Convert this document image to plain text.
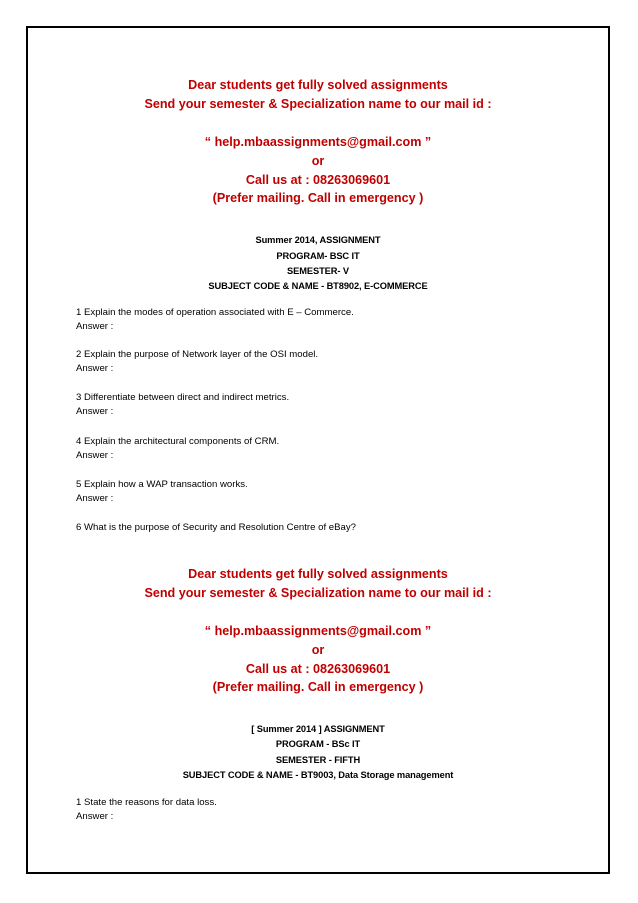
Dear students get fully solved assignments
Send your semester & Specialization name to our mail id :
“ help.mbaassignments@gmail.com ”
or
Call us at : 08263069601
(Prefer mailing. Call in emergency )
Summer 2014, ASSIGNMENT
PROGRAM- BSC IT
SEMESTER- V
SUBJECT CODE & NAME - BT8902, E-COMMERCE
1 Explain the modes of operation associated with E – Commerce.
Answer :
2 Explain the purpose of Network layer of the OSI model.
Answer :
3 Differentiate between direct and indirect metrics.
Answer :
4 Explain the architectural components of CRM.
Answer :
5 Explain how a WAP transaction works.
Answer :
6 What is the purpose of Security and Resolution Centre of eBay?
Dear students get fully solved assignments
Send your semester & Specialization name to our mail id :
“ help.mbaassignments@gmail.com ”
or
Call us at : 08263069601
(Prefer mailing. Call in emergency )
[ Summer 2014 ] ASSIGNMENT
PROGRAM - BSc IT
SEMESTER - FIFTH
SUBJECT CODE & NAME - BT9003, Data Storage management
1 State the reasons for data loss.
Answer :
